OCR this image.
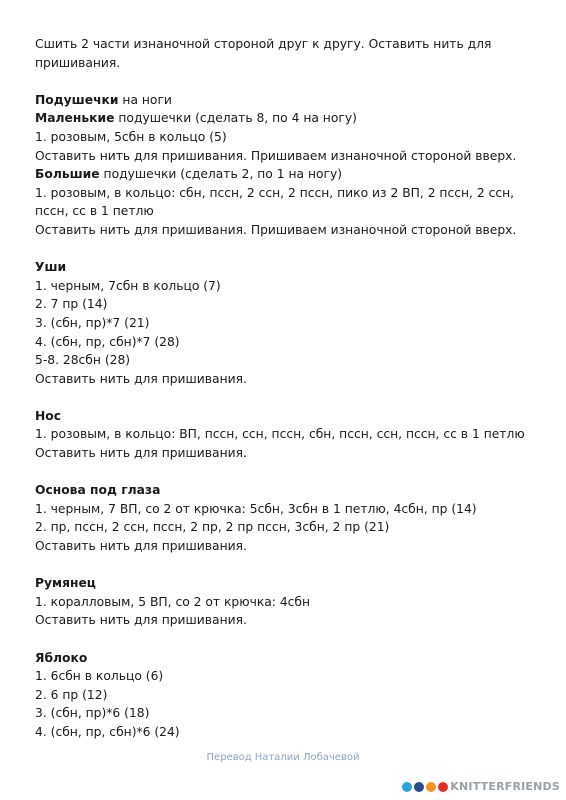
Сшить 2 части изнаночной стороной друг к другу. Оставить нить для
пришивания.
Подушечки на ноги
Маленькие подушечки (сделать 8, по 4 на ногу)
1. розовым, 5сбн в кольцо (5)
Оставить нить для пришивания. Пришиваем изнаночной стороной вверх.
Большие подушечки (сделать 2, по 1 на ногу)
1. розовым, в кольцо: сбн, пссн, 2 ссн, 2 пссн, пико из 2 ВП, 2 пссн, 2 ссн,
пссн, сс в 1 петлю
Оставить нить для пришивания. Пришиваем изнаночной стороной вверх.
Уши
1. черным, 7сбн в кольцо (7)
2. 7 пр (14)
3. (сбн, пр)*7 (21)
4. (сбн, пр, сбн)*7 (28)
5-8. 28сбн (28)
Оставить нить для пришивания.
Нос
1. розовым, в кольцо: ВП, пссн, ссн, пссн, сбн, пссн, ссн, пссн, сс в 1 петлю
Оставить нить для пришивания.
Основа под глаза
1. черным, 7 ВП, со 2 от крючка: 5сбн, 3сбн в 1 петлю, 4сбн, пр (14)
2. пр, пссн, 2 ссн, пссн, 2 пр, 2 пр пссн, 3сбн, 2 пр (21)
Оставить нить для пришивания.
Румянец
1. коралловым, 5 ВП, со 2 от крючка: 4сбн
Оставить нить для пришивания.
Яблоко
1. 6сбн в кольцо (6)
2. 6 пр (12)
3. (сбн, пр)*6 (18)
4. (сбн, пр, сбн)*6 (24)
Перевод Наталии Лобачевой
KNITTERFRIENDS
